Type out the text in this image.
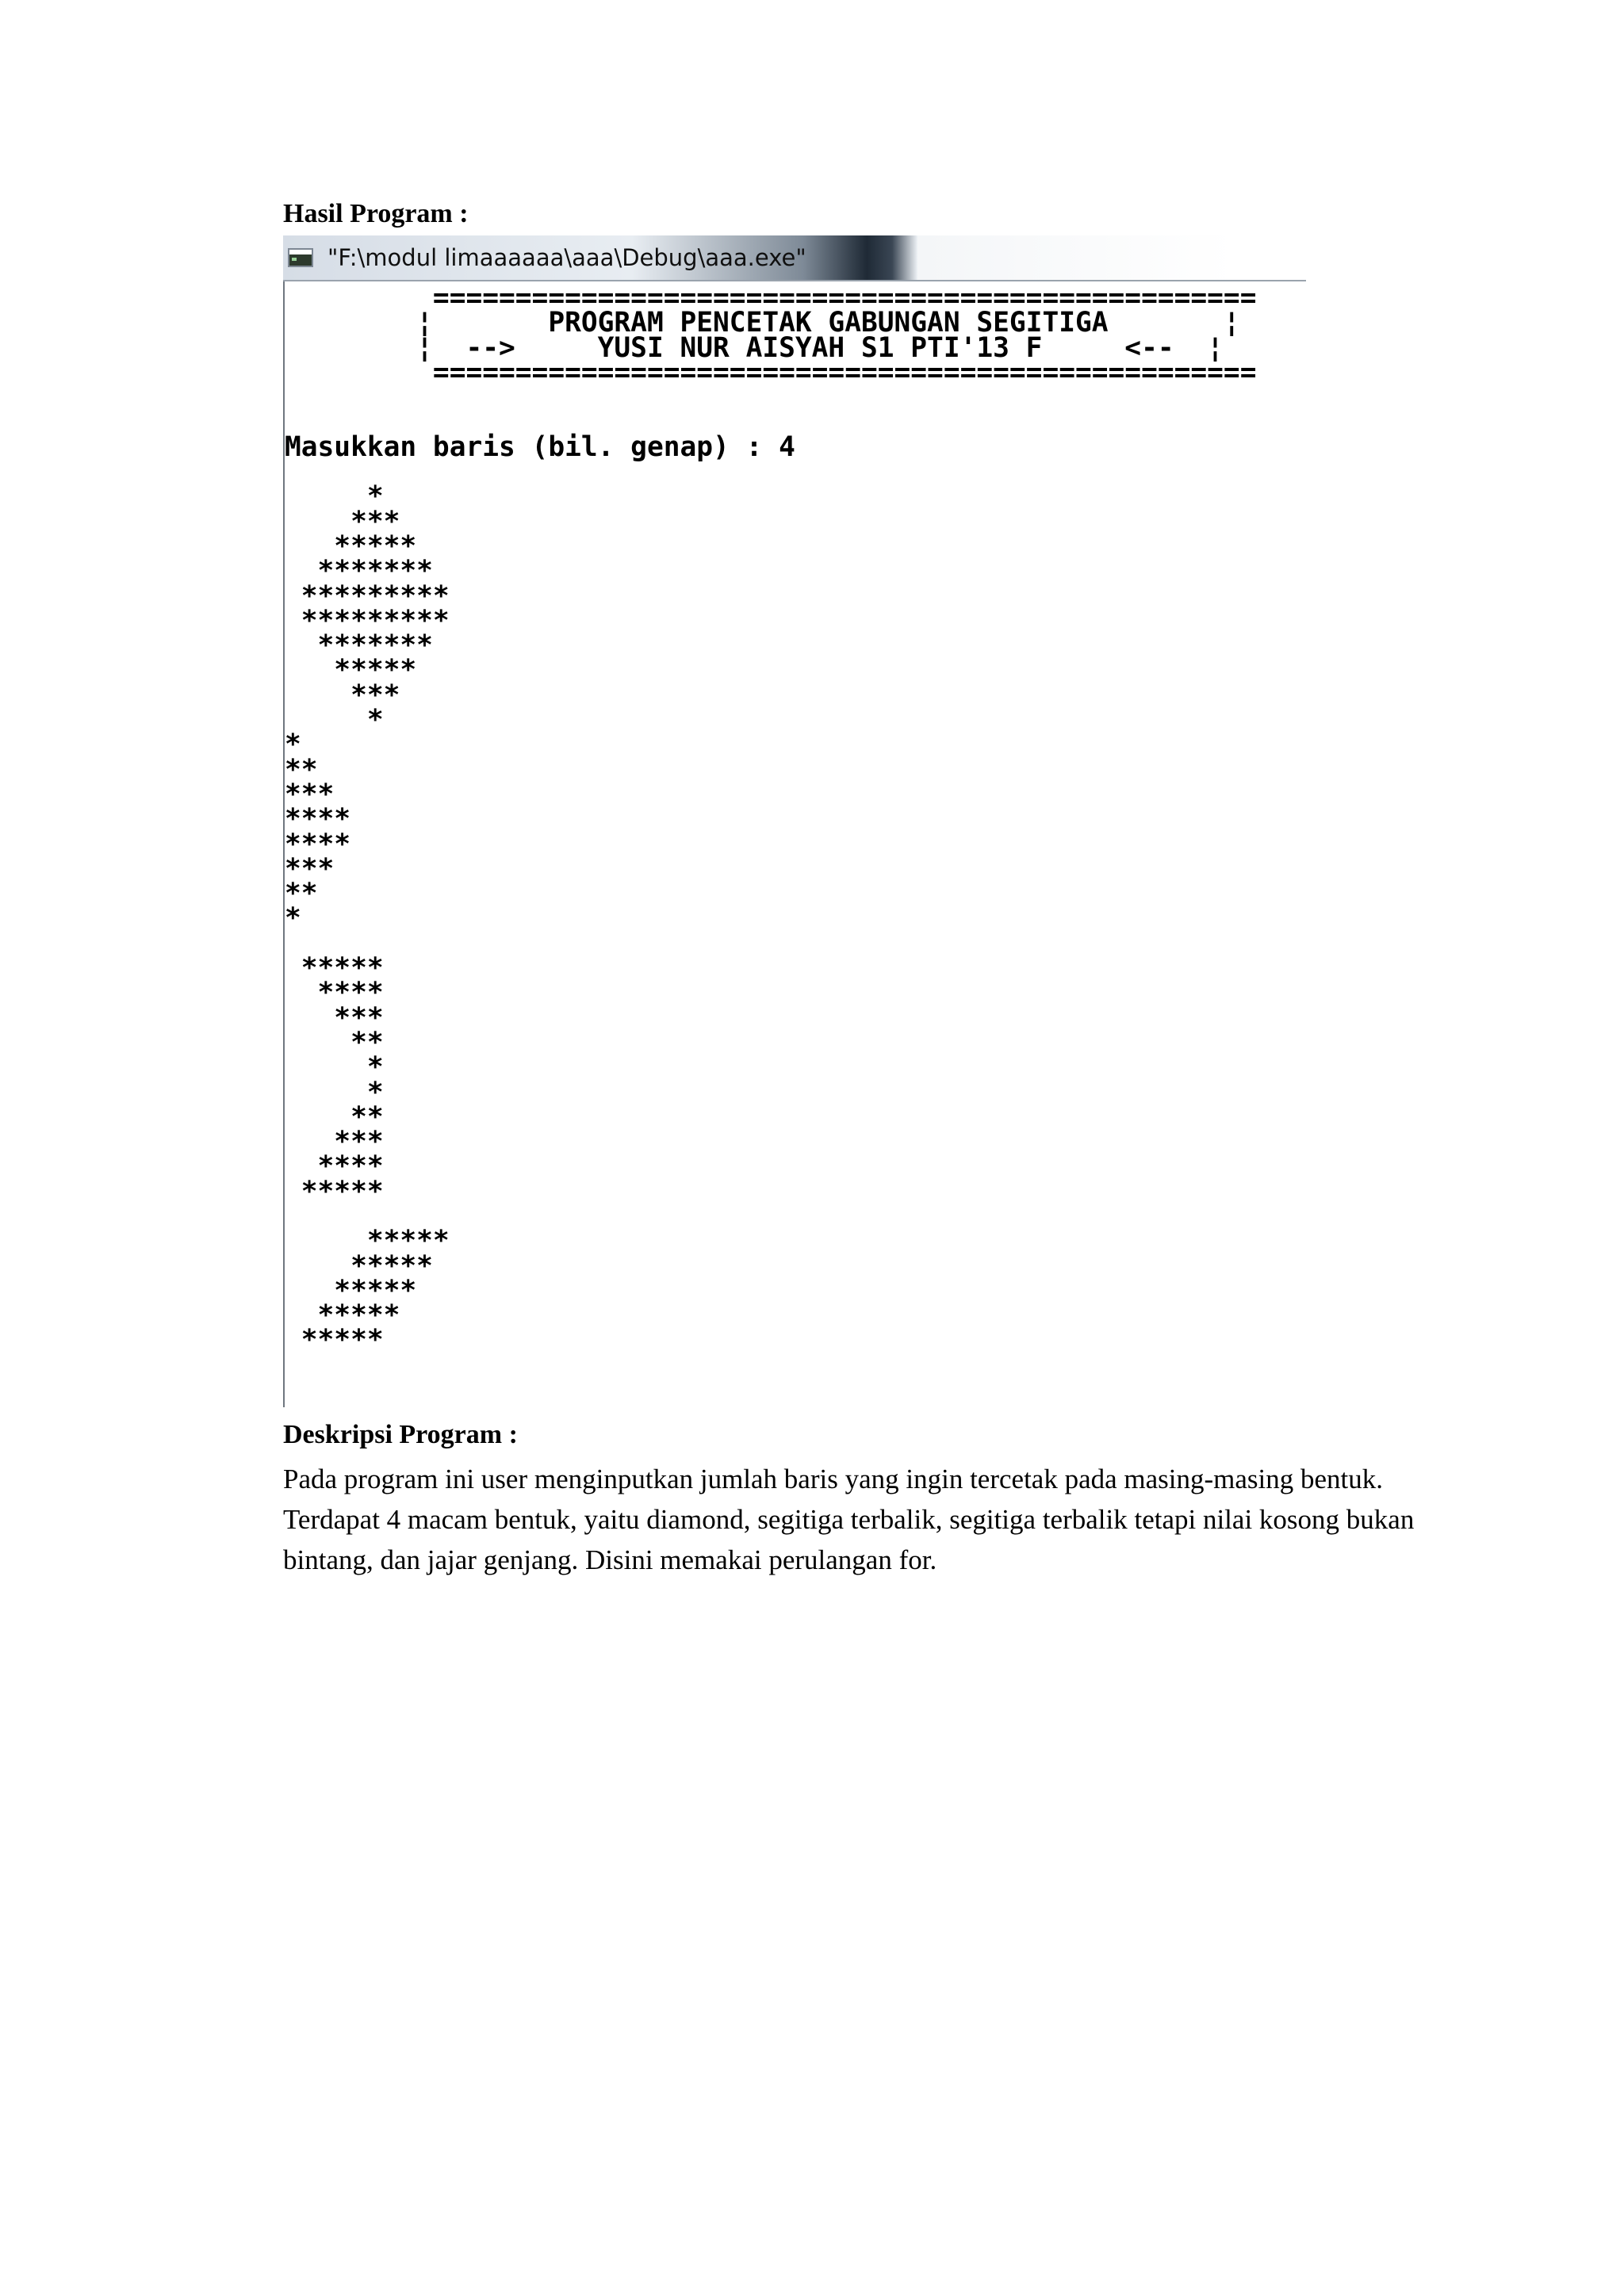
Hasil Program :
"F:\modul limaaaaaa\aaa\Debug\aaa.exe"
==================================================
¦       PROGRAM PENCETAK GABUNGAN SEGITIGA       ¦
¦  -->     YUSI NUR AISYAH S1 PTI'13 F     <--  ¦
==================================================
Masukkan baris (bil. genap) : 4
*
***
*****
*******
*********
*********
*******
*****
***
*
*
**
***
****
****
***
**
*
*****
****
***
**
*
*
**
***
****
*****
*****
*****
*****
*****
*****
Deskripsi Program :

Pada program ini user menginputkan jumlah baris yang ingin tercetak pada masing-masing bentuk. Terdapat 4 macam bentuk, yaitu diamond, segitiga terbalik, segitiga terbalik tetapi nilai kosong bukan bintang, dan jajar genjang. Disini memakai perulangan for.
